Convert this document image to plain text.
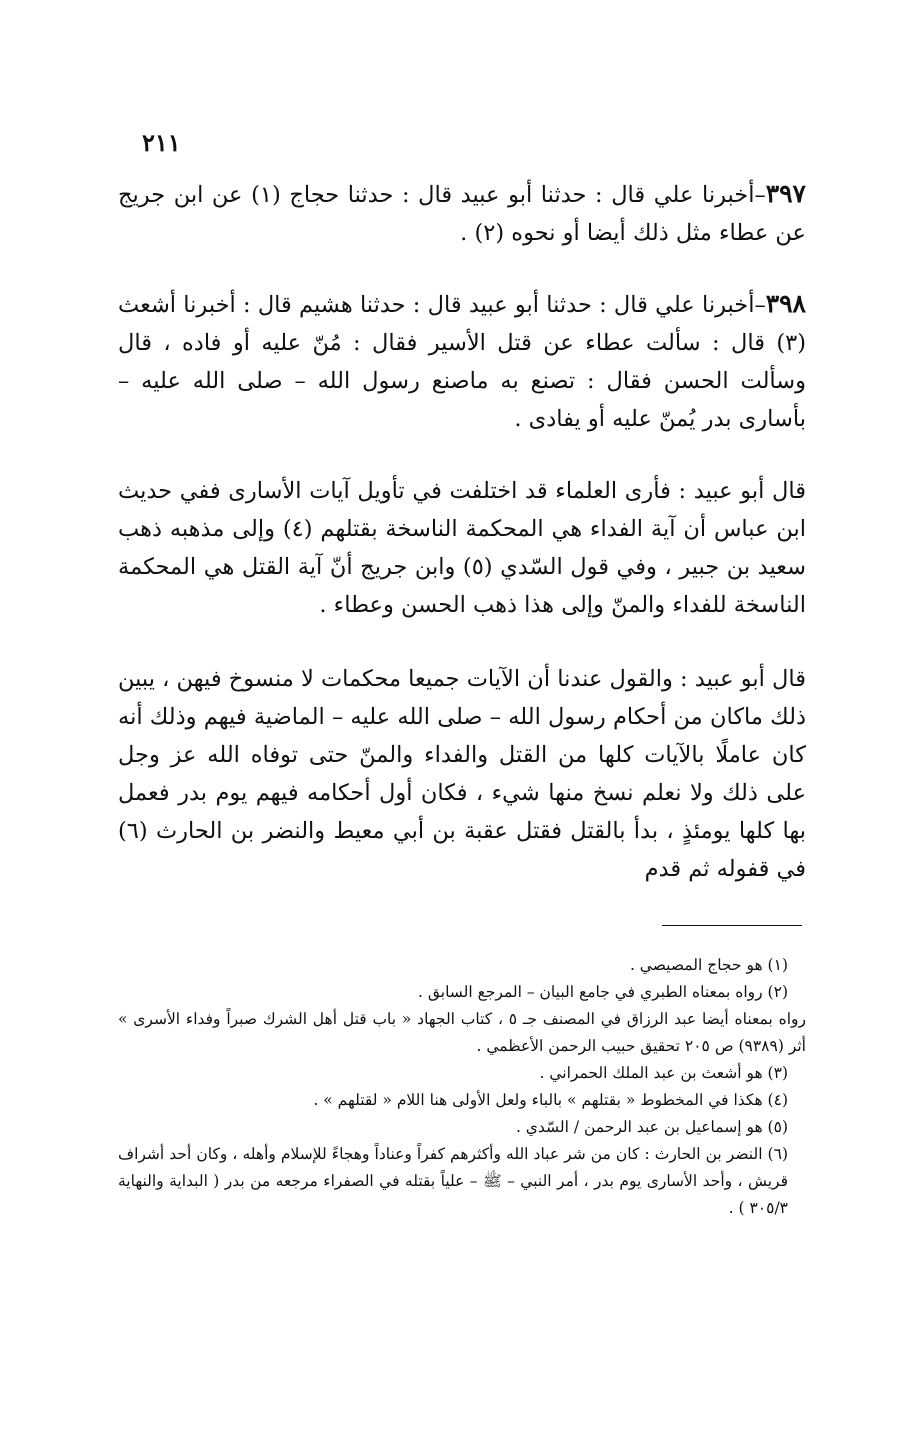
٢١١
٣٩٧–أخبرنا علي قال : حدثنا أبو عبيد قال : حدثنا حجاج (١) عن ابن جريج عن عطاء مثل ذلك أيضا أو نحوه (٢) .
٣٩٨–أخبرنا علي قال : حدثنا أبو عبيد قال : حدثنا هشيم قال : أخبرنا أشعث (٣) قال : سألت عطاء عن قتل الأسير فقال : مُنّ عليه أو فاده ، قال وسألت الحسن فقال : تصنع به ماصنع رسول الله – صلى الله عليه – بأسارى بدر يُمنّ عليه أو يفادى .
قال أبو عبيد : فأرى العلماء قد اختلفت في تأويل آيات الأسارى ففي حديث ابن عباس أن آية الفداء هي المحكمة الناسخة بقتلهم (٤) وإلى مذهبه ذهب سعيد بن جبير ، وفي قول السّدي (٥) وابن جريج أنّ آية القتل هي المحكمة الناسخة للفداء والمنّ وإلى هذا ذهب الحسن وعطاء .
قال أبو عبيد : والقول عندنا أن الآيات جميعا محكمات لا منسوخ فيهن ، يبين ذلك ماكان من أحكام رسول الله – صلى الله عليه – الماضية فيهم وذلك أنه كان عاملًا بالآيات كلها من القتل والفداء والمنّ حتى توفاه الله عز وجل على ذلك ولا نعلم نسخ منها شيء ، فكان أول أحكامه فيهم يوم بدر فعمل بها كلها يومئذٍ ، بدأ بالقتل فقتل عقبة بن أبي معيط والنضر بن الحارث (٦) في قفوله ثم قدم
(١) هو حجاج المصيصي .
(٢) رواه بمعناه الطبري في جامع البيان – المرجع السابق .
رواه بمعناه أيضا عبد الرزاق في المصنف جـ ٥ ، كتاب الجهاد « باب قتل أهل الشرك صبراً وفداء الأسرى » أثر (٩٣٨٩) ص ٢٠٥ تحقيق حبيب الرحمن الأعظمي .
(٣) هو أشعث بن عبد الملك الحمراني .
(٤) هكذا في المخطوط « بقتلهم » بالباء ولعل الأولى هنا اللام « لقتلهم » .
(٥) هو إسماعيل بن عبد الرحمن / السّدي .
(٦) النضر بن الحارث : كان من شر عباد الله وأكثرهم كفراً وعناداً وهجاءً للإسلام وأهله ، وكان أحد أشراف قريش ، وأحد الأسارى يوم بدر ، أمر النبي – ﷺ – علياً بقتله في الصفراء مرجعه من بدر ( البداية والنهاية ٣٠٥/٣ ) .
